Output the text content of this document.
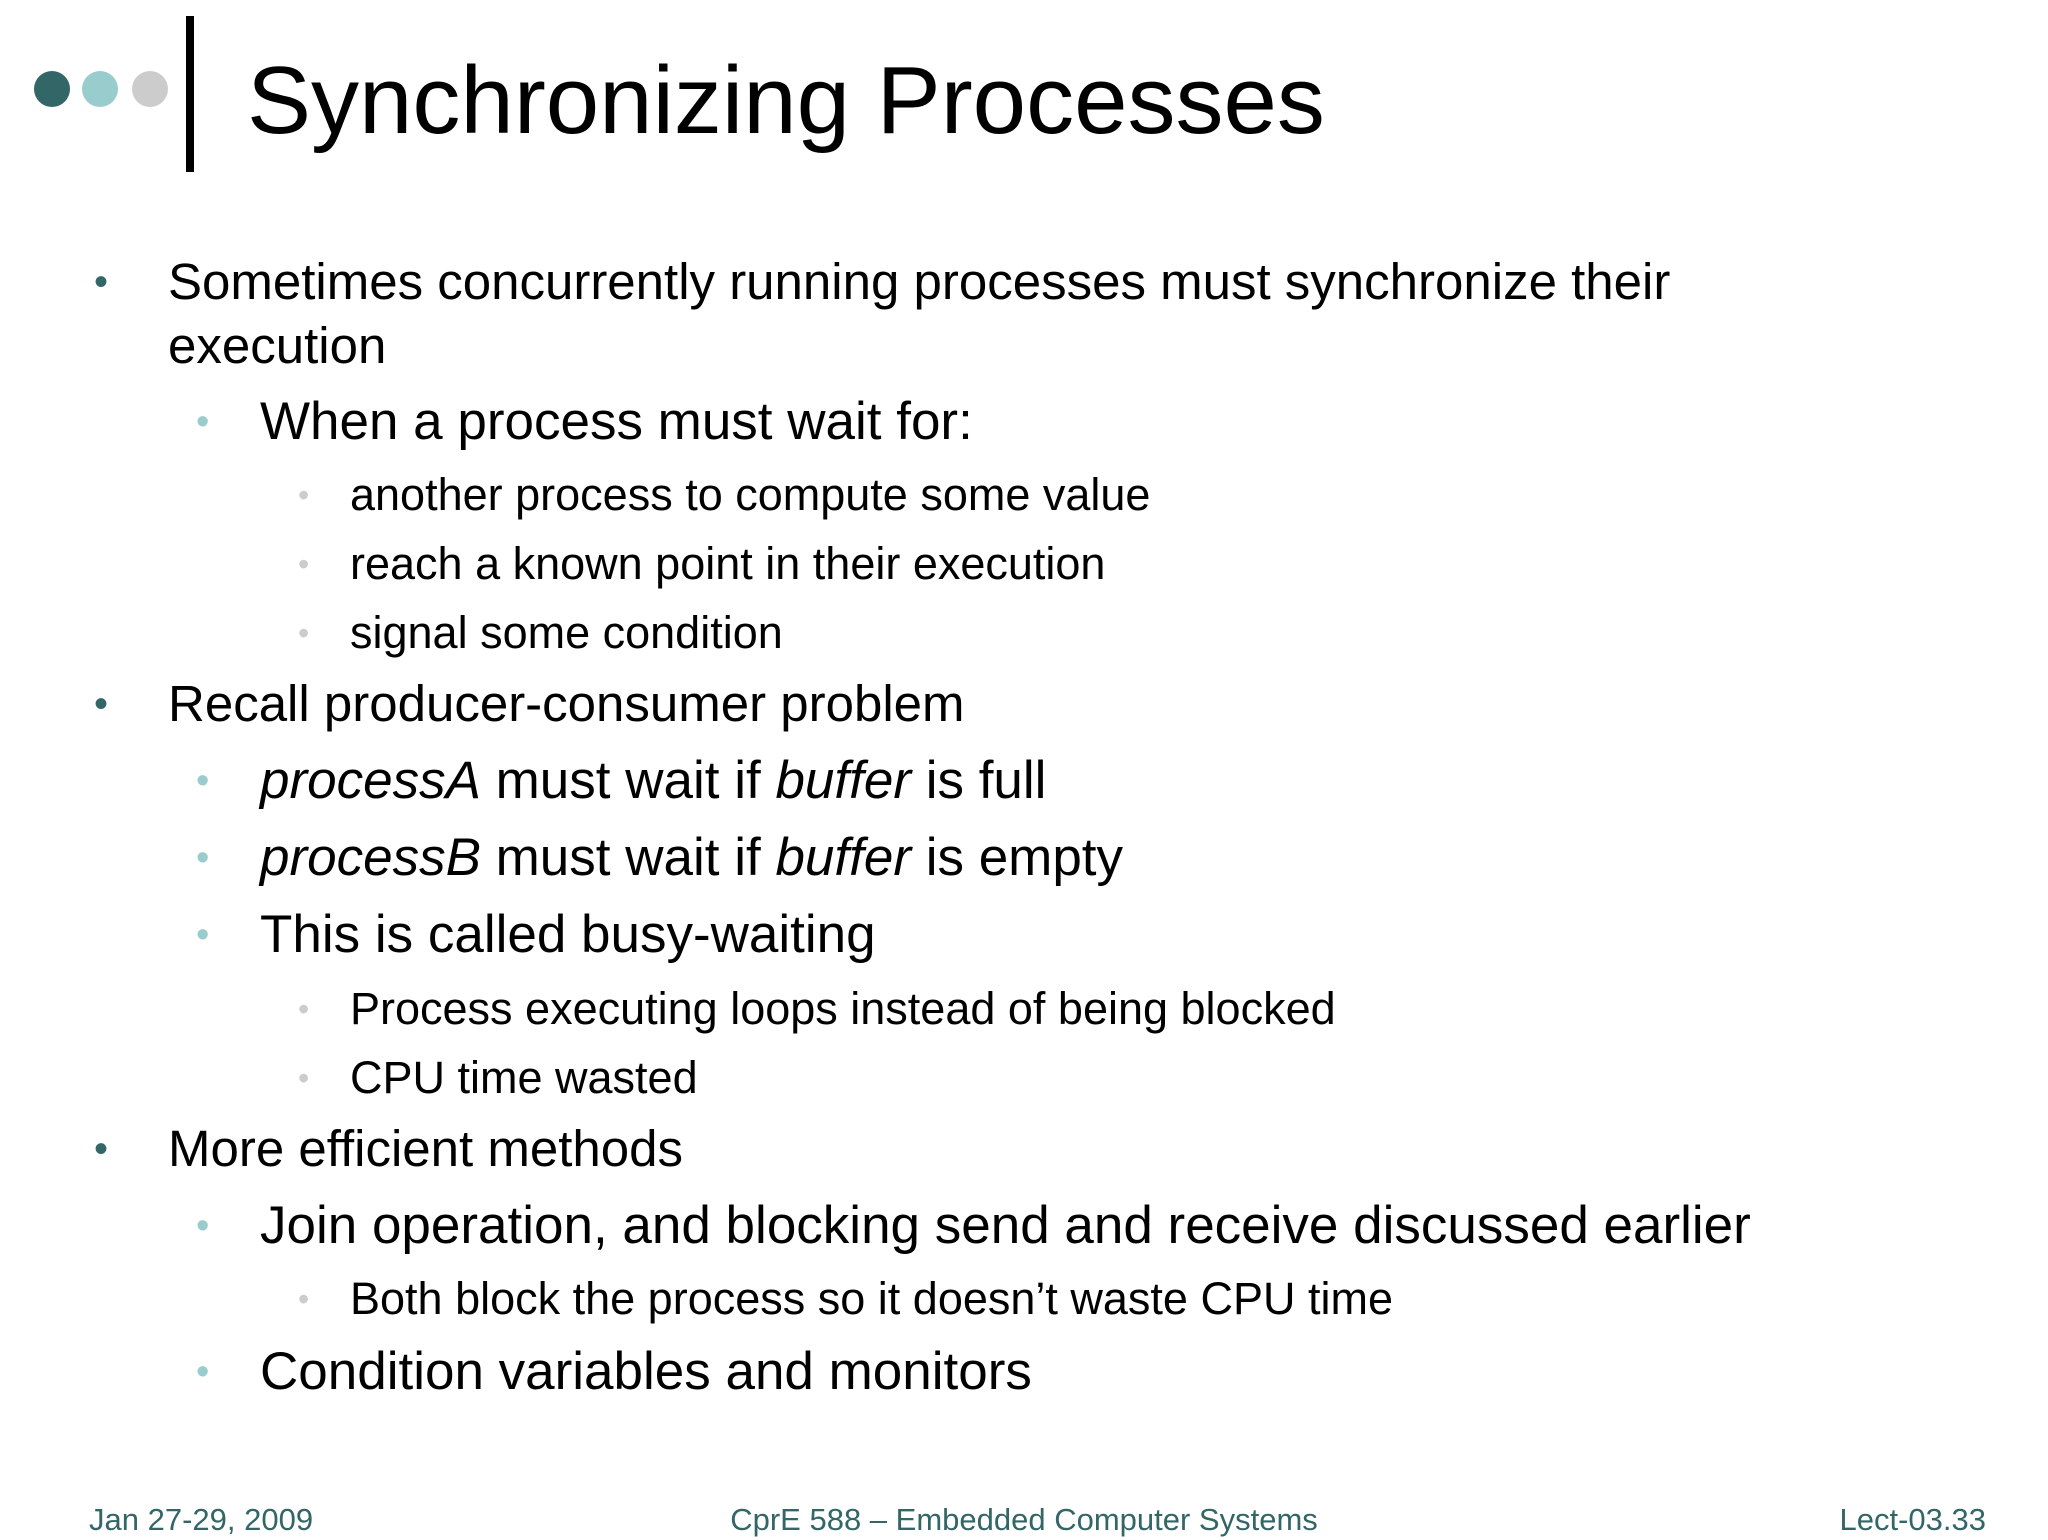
Synchronizing Processes
• Sometimes concurrently running processes must synchronize their
execution
• When a process must wait for:
• another process to compute some value
• reach a known point in their execution
• signal some condition
• Recall producer-consumer problem
• processA must wait if buffer is full
• processB must wait if buffer is empty
• This is called busy-waiting
• Process executing loops instead of being blocked
• CPU time wasted
• More efficient methods
• Join operation, and blocking send and receive discussed earlier
• Both block the process so it doesn’t waste CPU time
• Condition variables and monitors
Jan 27-29, 2009	CprE 588 – Embedded Computer Systems	Lect-03.33
